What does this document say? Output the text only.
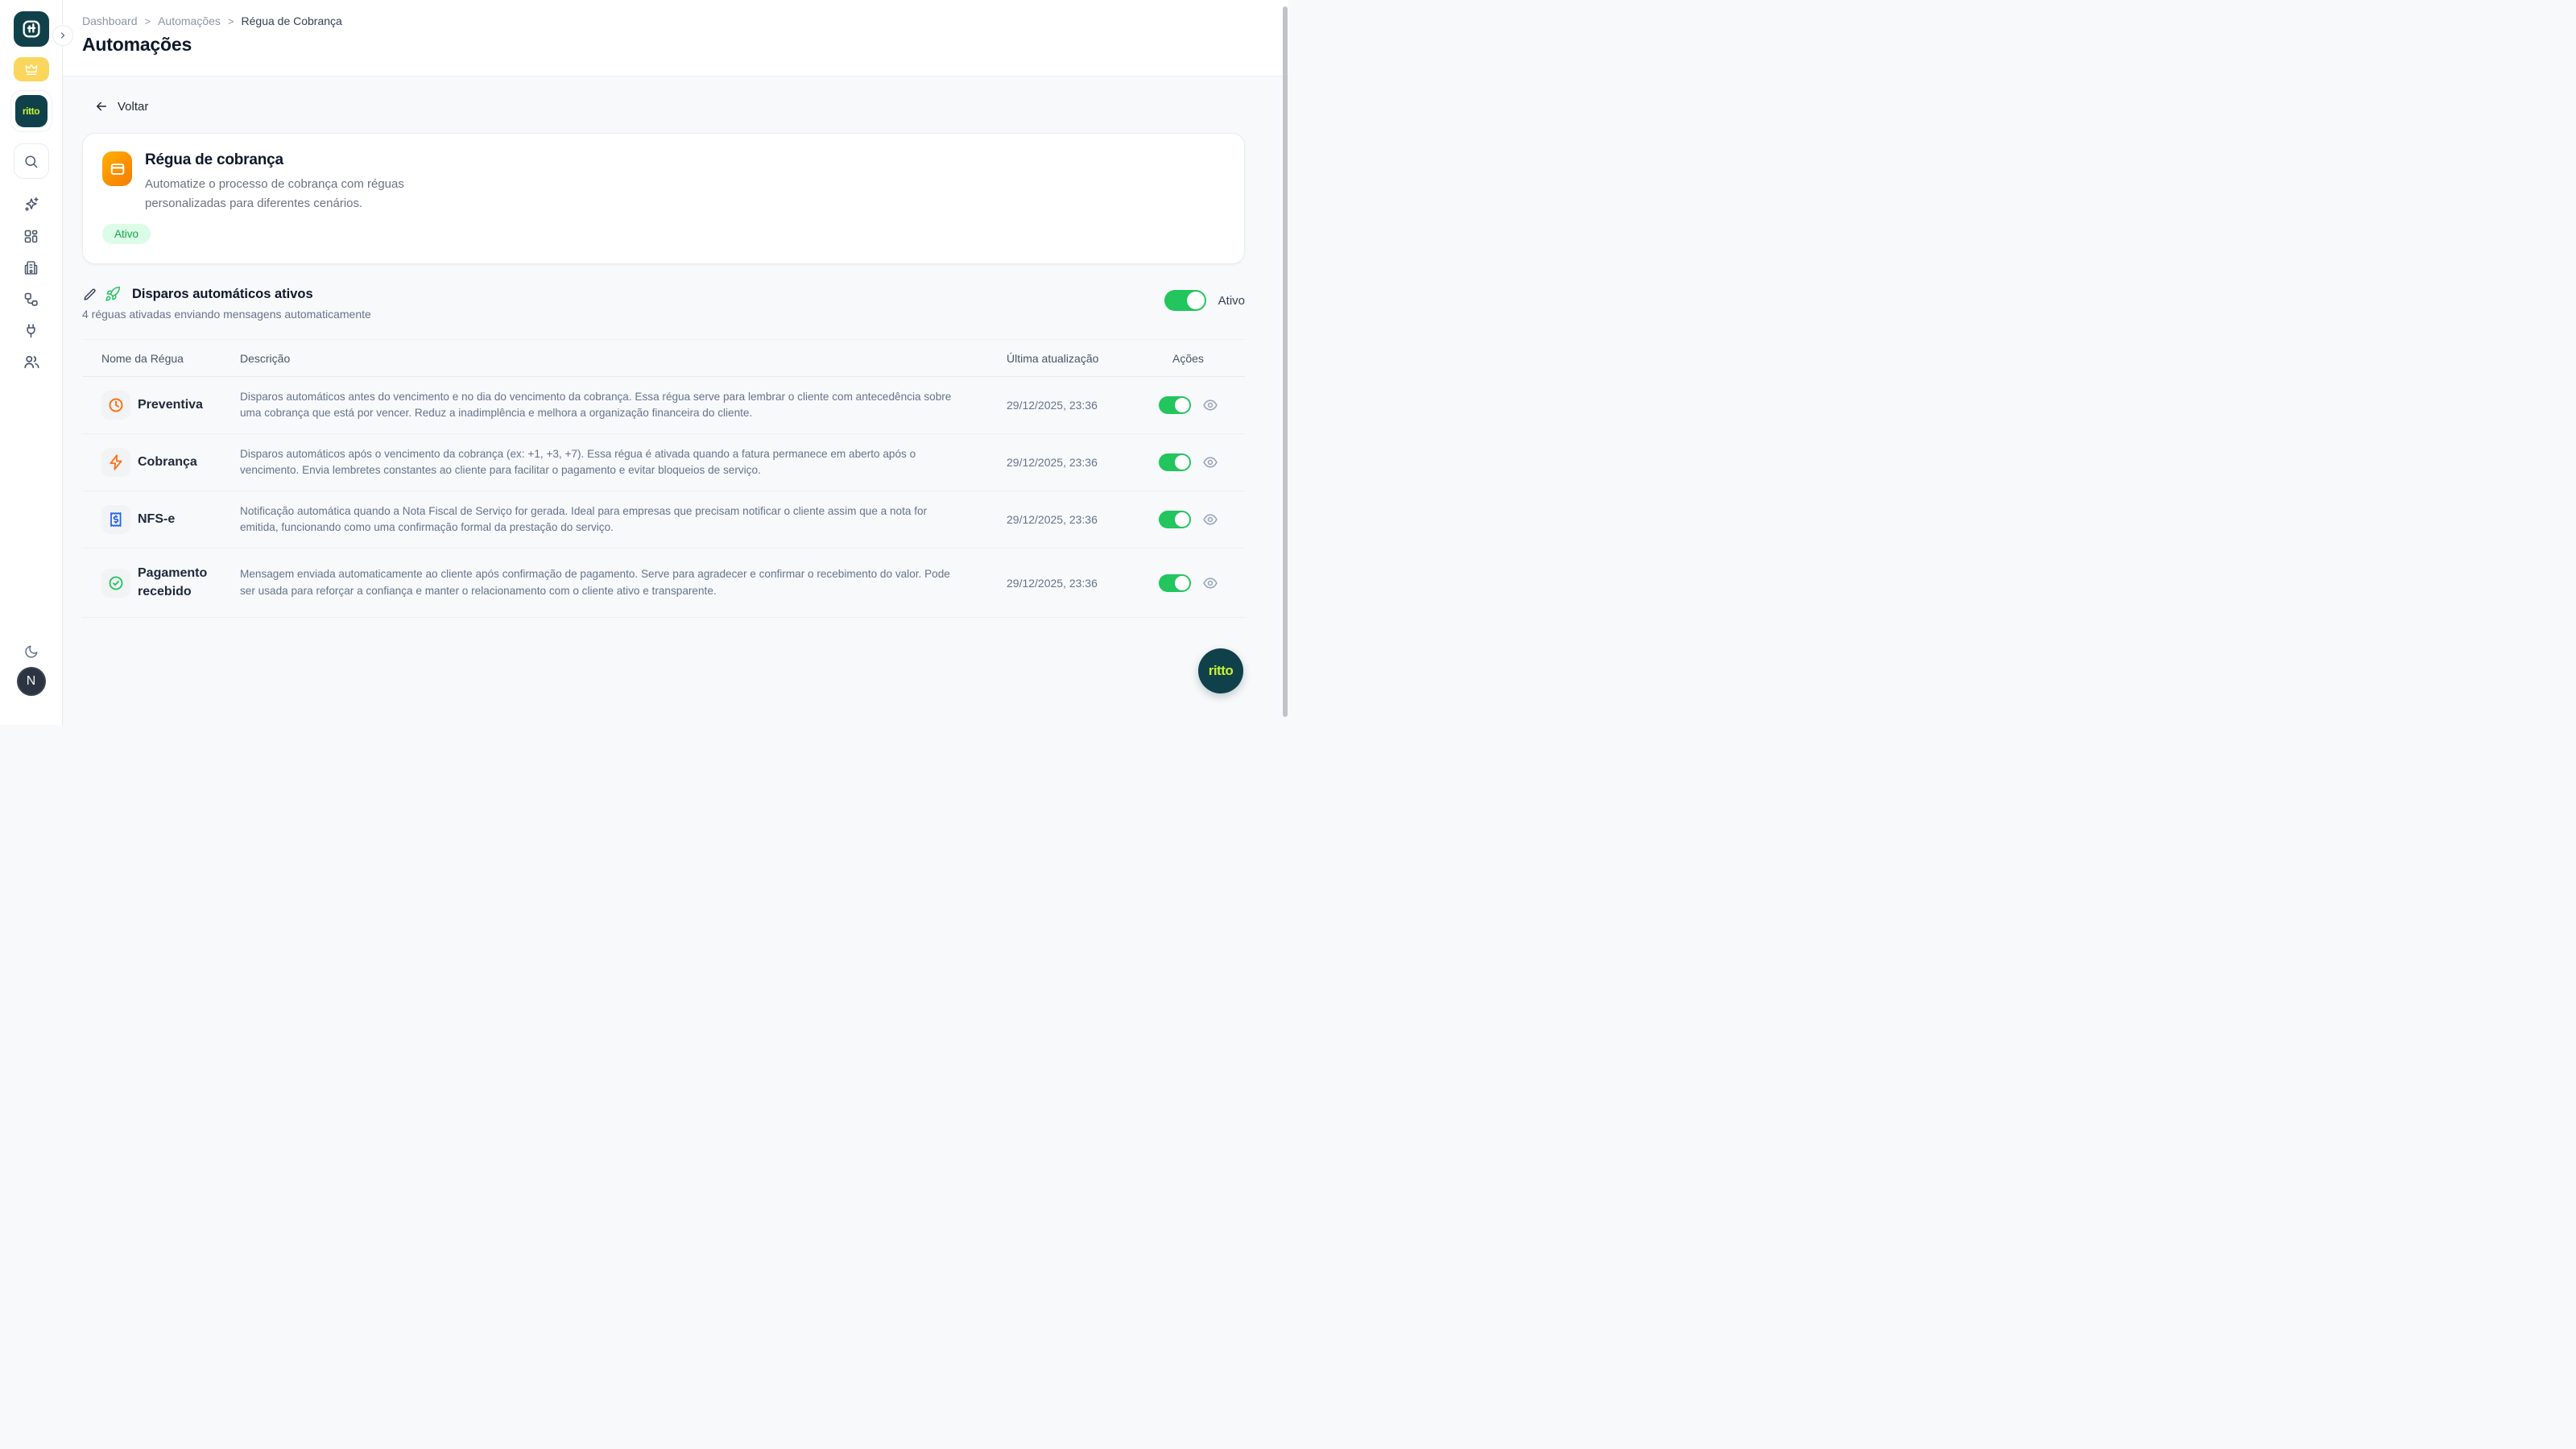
ritto
N
Dashboard > Automações > Régua de Cobrança
Automações
Voltar
Régua de cobrança
Automatize o processo de cobrança com réguas personalizadas para diferentes cenários.
Ativo
Disparos automáticos ativos
4 réguas ativadas enviando mensagens automaticamente
Ativo
Nome da Régua	Descrição	Última atualização	Ações
Preventiva
Disparos automáticos antes do vencimento e no dia do vencimento da cobrança. Essa régua serve para lembrar o cliente com antecedência sobre uma cobrança que está por vencer. Reduz a inadimplência e melhora a organização financeira do cliente.
29/12/2025, 23:36
Cobrança
Disparos automáticos após o vencimento da cobrança (ex: +1, +3, +7). Essa régua é ativada quando a fatura permanece em aberto após o vencimento. Envia lembretes constantes ao cliente para facilitar o pagamento e evitar bloqueios de serviço.
29/12/2025, 23:36
NFS-e
Notificação automática quando a Nota Fiscal de Serviço for gerada. Ideal para empresas que precisam notificar o cliente assim que a nota for emitida, funcionando como uma confirmação formal da prestação do serviço.
29/12/2025, 23:36
Pagamento recebido
Mensagem enviada automaticamente ao cliente após confirmação de pagamento. Serve para agradecer e confirmar o recebimento do valor. Pode ser usada para reforçar a confiança e manter o relacionamento com o cliente ativo e transparente.
29/12/2025, 23:36
ritto
